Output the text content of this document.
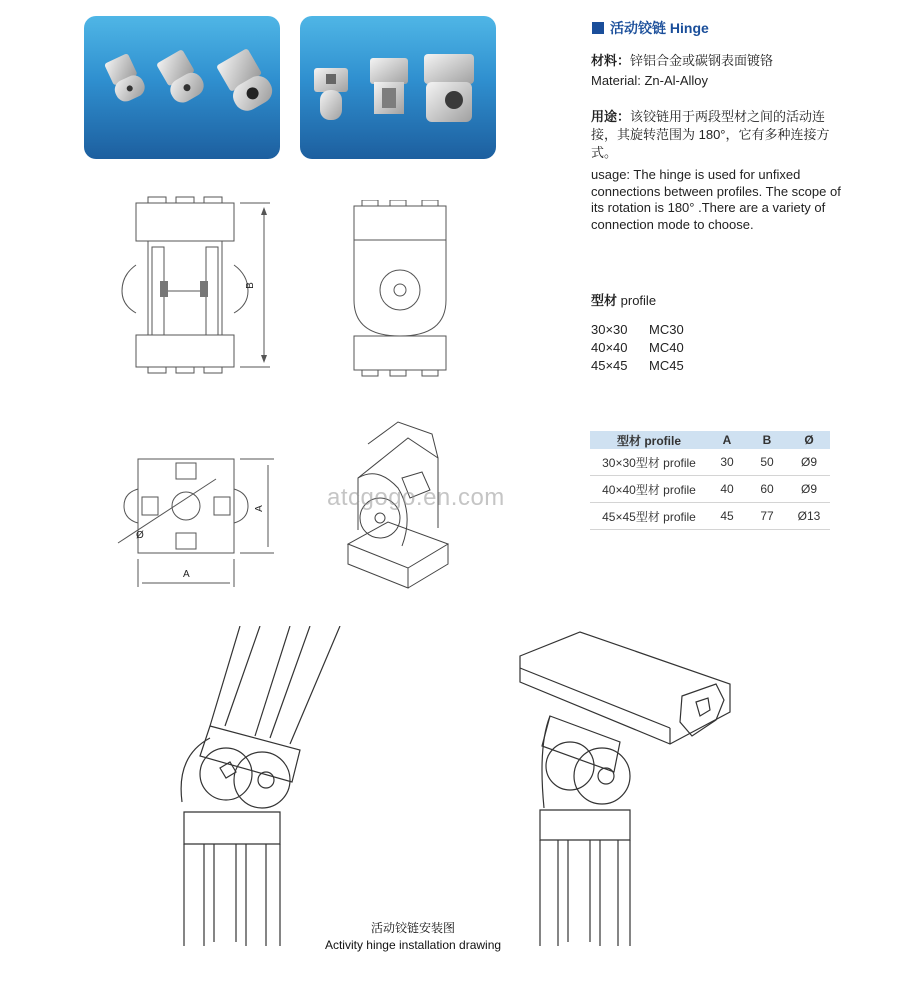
B
Ø
A
A
atcgogo.en.com
活动铰链安装图
Activity hinge installation drawing
活动铰链 Hinge
材料：锌铝合金或碳钢表面镀铬
Material: Zn-Al-Alloy
用途：该铰链用于两段型材之间的活动连接，其旋转范围为 180°，它有多种连接方式。
usage: The hinge is used for unfixed connections between profiles. The scope of its rotation is 180° .There are a variety of connection mode to choose.
型材 profile
30×30 MC30
40×40 MC40
45×45 MC45
型材 profile	A	B	Ø
30×30型材 profile	30	50	Ø9
40×40型材 profile	40	60	Ø9
45×45型材 profile	45	77	Ø13
